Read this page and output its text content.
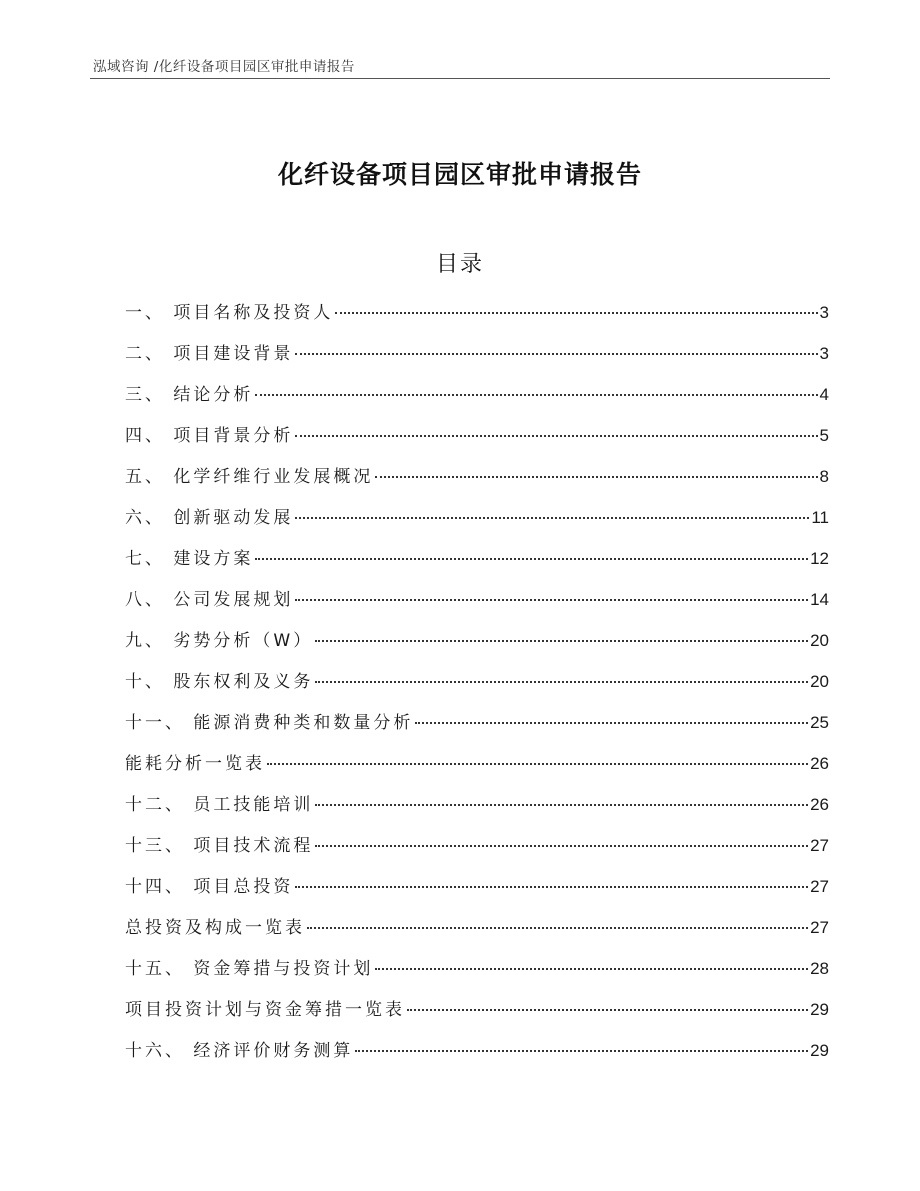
泓域咨询 /化纤设备项目园区审批申请报告
化纤设备项目园区审批申请报告
目录
一、 项目名称及投资人	3
二、 项目建设背景	3
三、 结论分析	4
四、 项目背景分析	5
五、 化学纤维行业发展概况	8
六、 创新驱动发展	11
七、 建设方案	12
八、 公司发展规划	14
九、 劣势分析（W）	20
十、 股东权利及义务	20
十一、 能源消费种类和数量分析	25
能耗分析一览表	26
十二、 员工技能培训	26
十三、 项目技术流程	27
十四、 项目总投资	27
总投资及构成一览表	27
十五、 资金筹措与投资计划	28
项目投资计划与资金筹措一览表	29
十六、 经济评价财务测算	29
